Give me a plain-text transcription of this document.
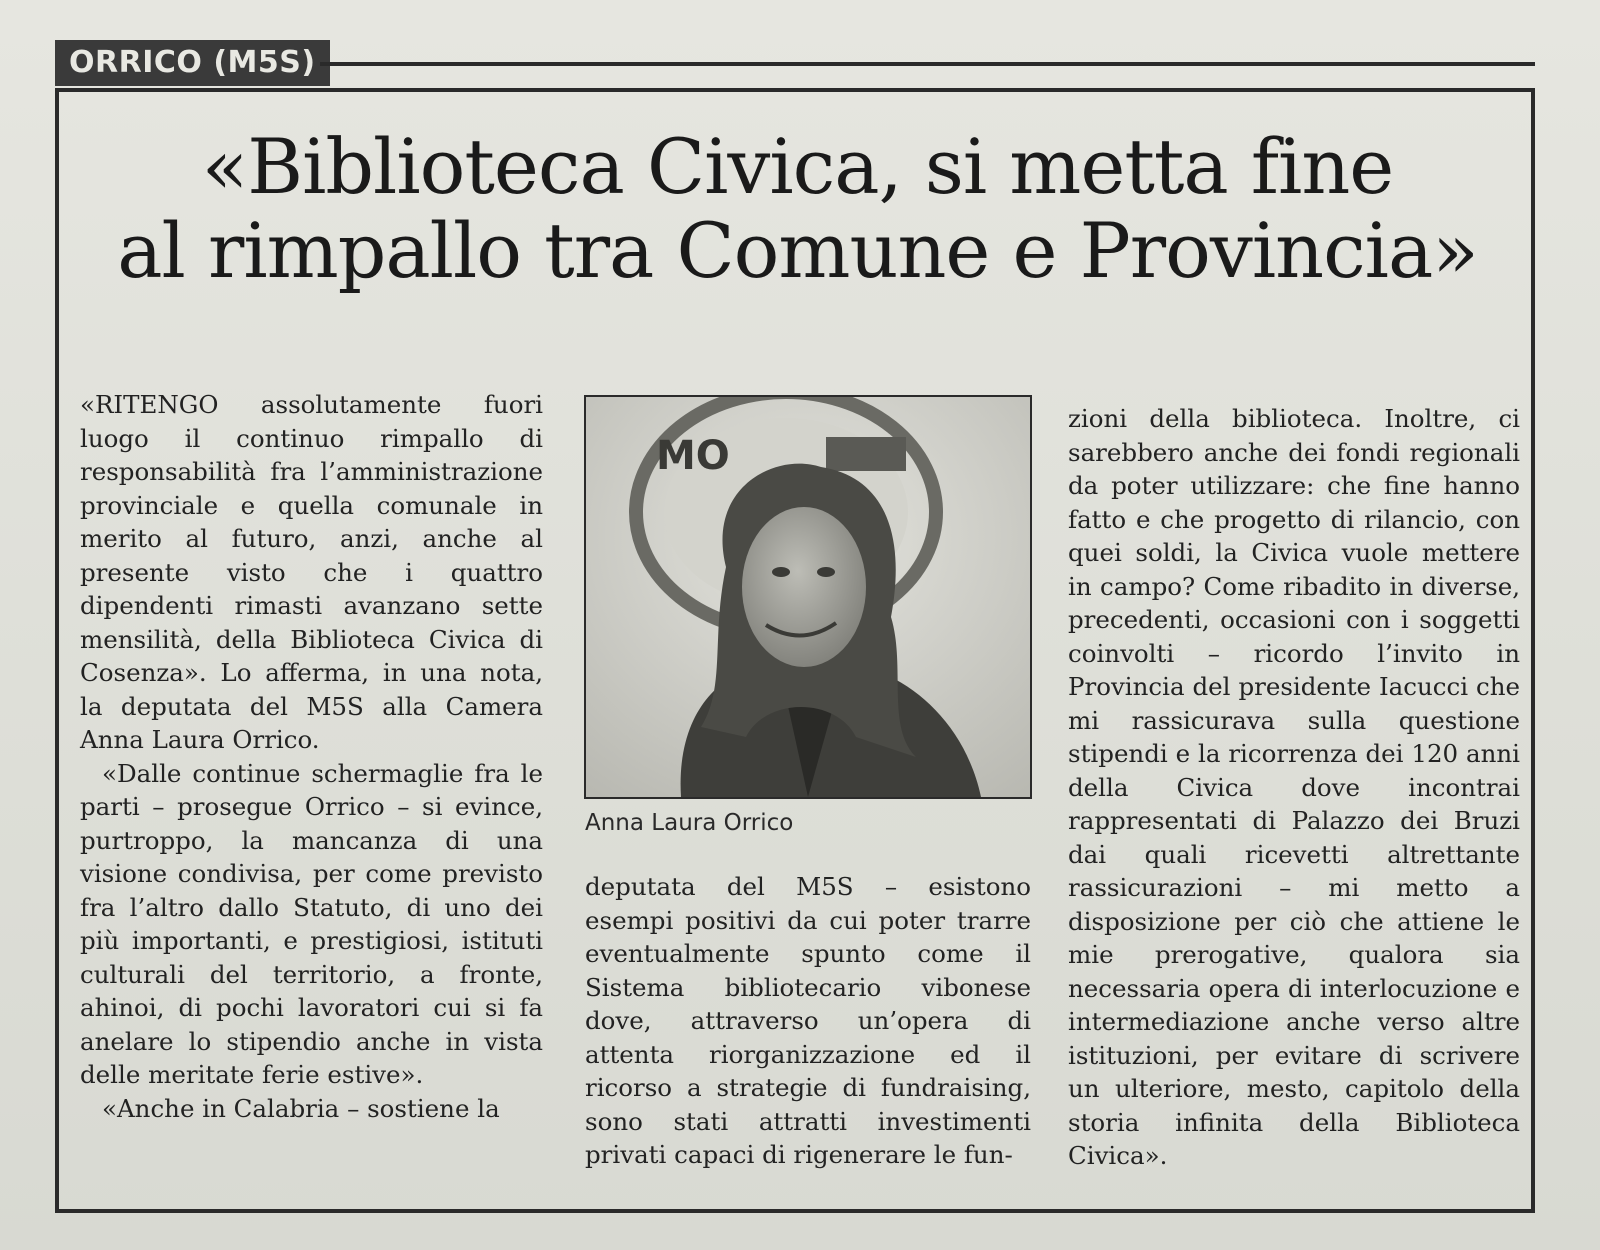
ORRICO (M5S)
«Biblioteca Civica, si metta fine
al rimpallo tra Comune e Provincia»

«RITENGO assolutamente fuori luogo il continuo rimpallo di responsabilità fra l’amministrazione provinciale e quella comunale in merito al futuro, anzi, anche al presente visto che i quattro dipendenti rimasti avanzano sette mensilità, della Biblioteca Civica di Cosenza». Lo afferma, in una nota, la deputata del M5S alla Camera Anna Laura Orrico.

«Dalle continue schermaglie fra le parti – prosegue Orrico – si evince, purtroppo, la mancanza di una visione condivisa, per come previsto fra l’altro dallo Statuto, di uno dei più importanti, e prestigiosi, istituti culturali del territorio, a fronte, ahinoi, di pochi lavoratori cui si fa anelare lo stipendio anche in vista delle meritate ferie estive».

«Anche in Calabria – sostiene la

MO
Anna Laura Orrico

deputata del M5S – esistono esempi positivi da cui poter trarre eventualmente spunto come il Sistema bibliotecario vibonese dove, attraverso un’opera di attenta riorganizzazione ed il ricorso a strategie di fundraising, sono stati attratti investimenti privati capaci di rigenerare le fun-

zioni della biblioteca. Inoltre, ci sarebbero anche dei fondi regionali da poter utilizzare: che fine hanno fatto e che progetto di rilancio, con quei soldi, la Civica vuole mettere in campo? Come ribadito in diverse, precedenti, occasioni con i soggetti coinvolti – ricordo l’invito in Provincia del presidente Iacucci che mi rassicurava sulla questione stipendi e la ricorrenza dei 120 anni della Civica dove incontrai rappresentati di Palazzo dei Bruzi dai quali ricevetti altrettante rassicurazioni – mi metto a disposizione per ciò che attiene le mie prerogative, qualora sia necessaria opera di interlocuzione e intermediazione anche verso altre istituzioni, per evitare di scrivere un ulteriore, mesto, capitolo della storia infinita della Biblioteca Civica».
